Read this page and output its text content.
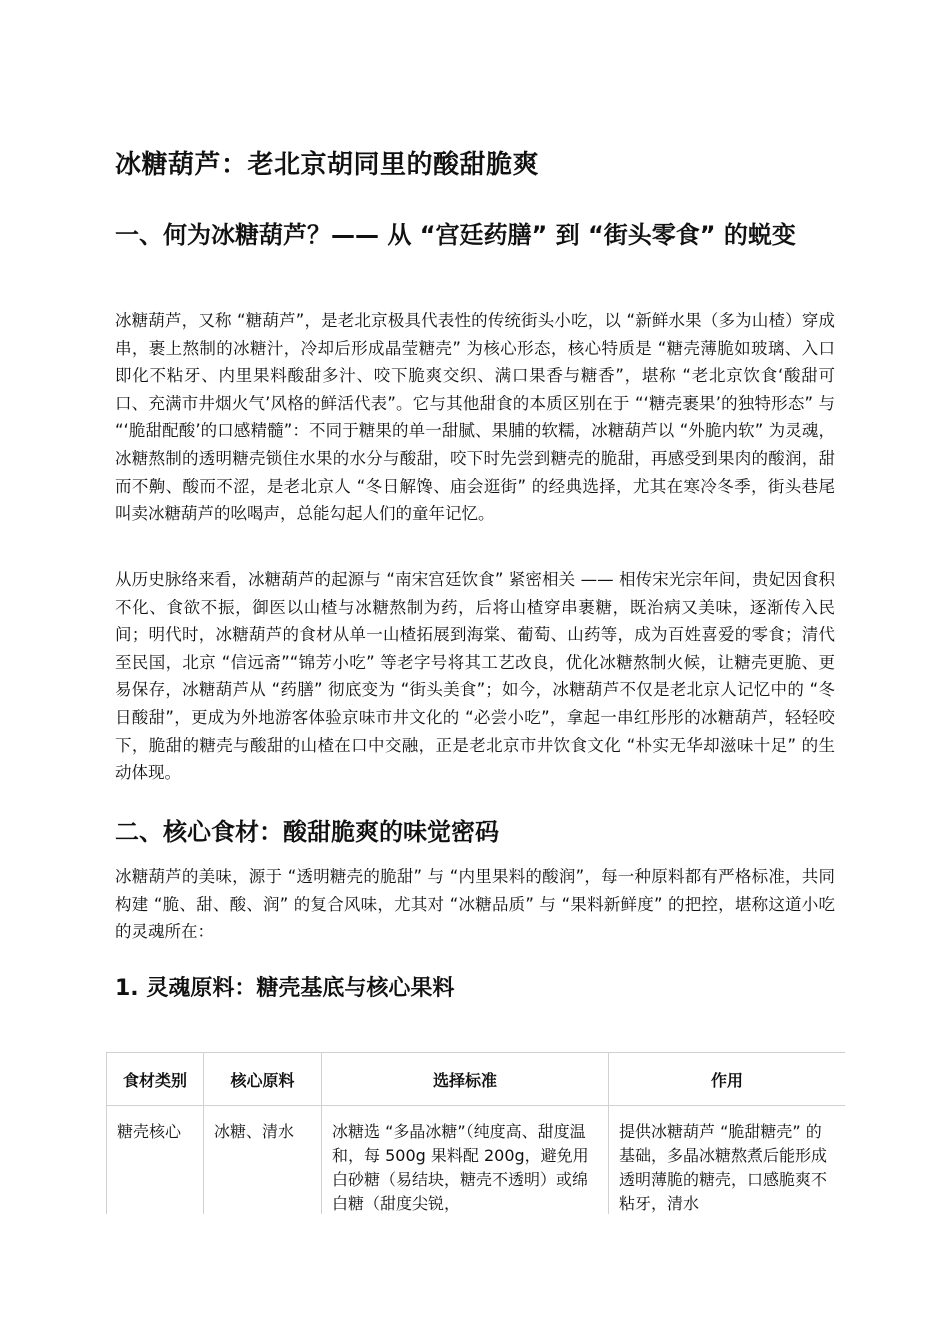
冰糖葫芦：老北京胡同里的酸甜脆爽
一、何为冰糖葫芦？—— 从 “宫廷药膳” 到 “街头零食” 的蜕变

冰糖葫芦，又称 “糖葫芦”，是老北京极具代表性的传统街头小吃，以 “新鲜水果（多为山楂）穿成串，裹上熬制的冰糖汁，冷却后形成晶莹糖壳” 为核心形态，核心特质是 “糖壳薄脆如玻璃、入口即化不粘牙、内里果料酸甜多汁、咬下脆爽交织、满口果香与糖香”，堪称 “老北京饮食‘酸甜可口、充满市井烟火气’风格的鲜活代表”。它与其他甜食的本质区别在于 “‘糖壳裹果’的独特形态” 与 “‘脆甜配酸’的口感精髓”：不同于糖果的单一甜腻、果脯的软糯，冰糖葫芦以 “外脆内软” 为灵魂，冰糖熬制的透明糖壳锁住水果的水分与酸甜，咬下时先尝到糖壳的脆甜，再感受到果肉的酸润，甜而不齁、酸而不涩，是老北京人 “冬日解馋、庙会逛街” 的经典选择，尤其在寒冷冬季，街头巷尾叫卖冰糖葫芦的吆喝声，总能勾起人们的童年记忆。

从历史脉络来看，冰糖葫芦的起源与 “南宋宫廷饮食” 紧密相关 —— 相传宋光宗年间，贵妃因食积不化、食欲不振，御医以山楂与冰糖熬制为药，后将山楂穿串裹糖，既治病又美味，逐渐传入民间；明代时，冰糖葫芦的食材从单一山楂拓展到海棠、葡萄、山药等，成为百姓喜爱的零食；清代至民国，北京 “信远斋”“锦芳小吃” 等老字号将其工艺改良，优化冰糖熬制火候，让糖壳更脆、更易保存，冰糖葫芦从 “药膳” 彻底变为 “街头美食”；如今，冰糖葫芦不仅是老北京人记忆中的 “冬日酸甜”，更成为外地游客体验京味市井文化的 “必尝小吃”，拿起一串红彤彤的冰糖葫芦，轻轻咬下，脆甜的糖壳与酸甜的山楂在口中交融，正是老北京市井饮食文化 “朴实无华却滋味十足” 的生动体现。

二、核心食材：酸甜脆爽的味觉密码

冰糖葫芦的美味，源于 “透明糖壳的脆甜” 与 “内里果料的酸润”，每一种原料都有严格标准，共同构建 “脆、甜、酸、润” 的复合风味，尤其对 “冰糖品质” 与 “果料新鲜度” 的把控，堪称这道小吃的灵魂所在：

1. 灵魂原料：糖壳基底与核心果料
食材类别	核心原料	选择标准	作用
糖壳核心	冰糖、清水	冰糖选 “多晶冰糖”（纯度高、甜度温和，每 500g 果料配 200g，避免用白砂糖（易结块，糖壳不透明）或绵白糖（甜度尖锐，	提供冰糖葫芦 “脆甜糖壳” 的基础，多晶冰糖熬煮后能形成透明薄脆的糖壳，口感脆爽不粘牙，清水
